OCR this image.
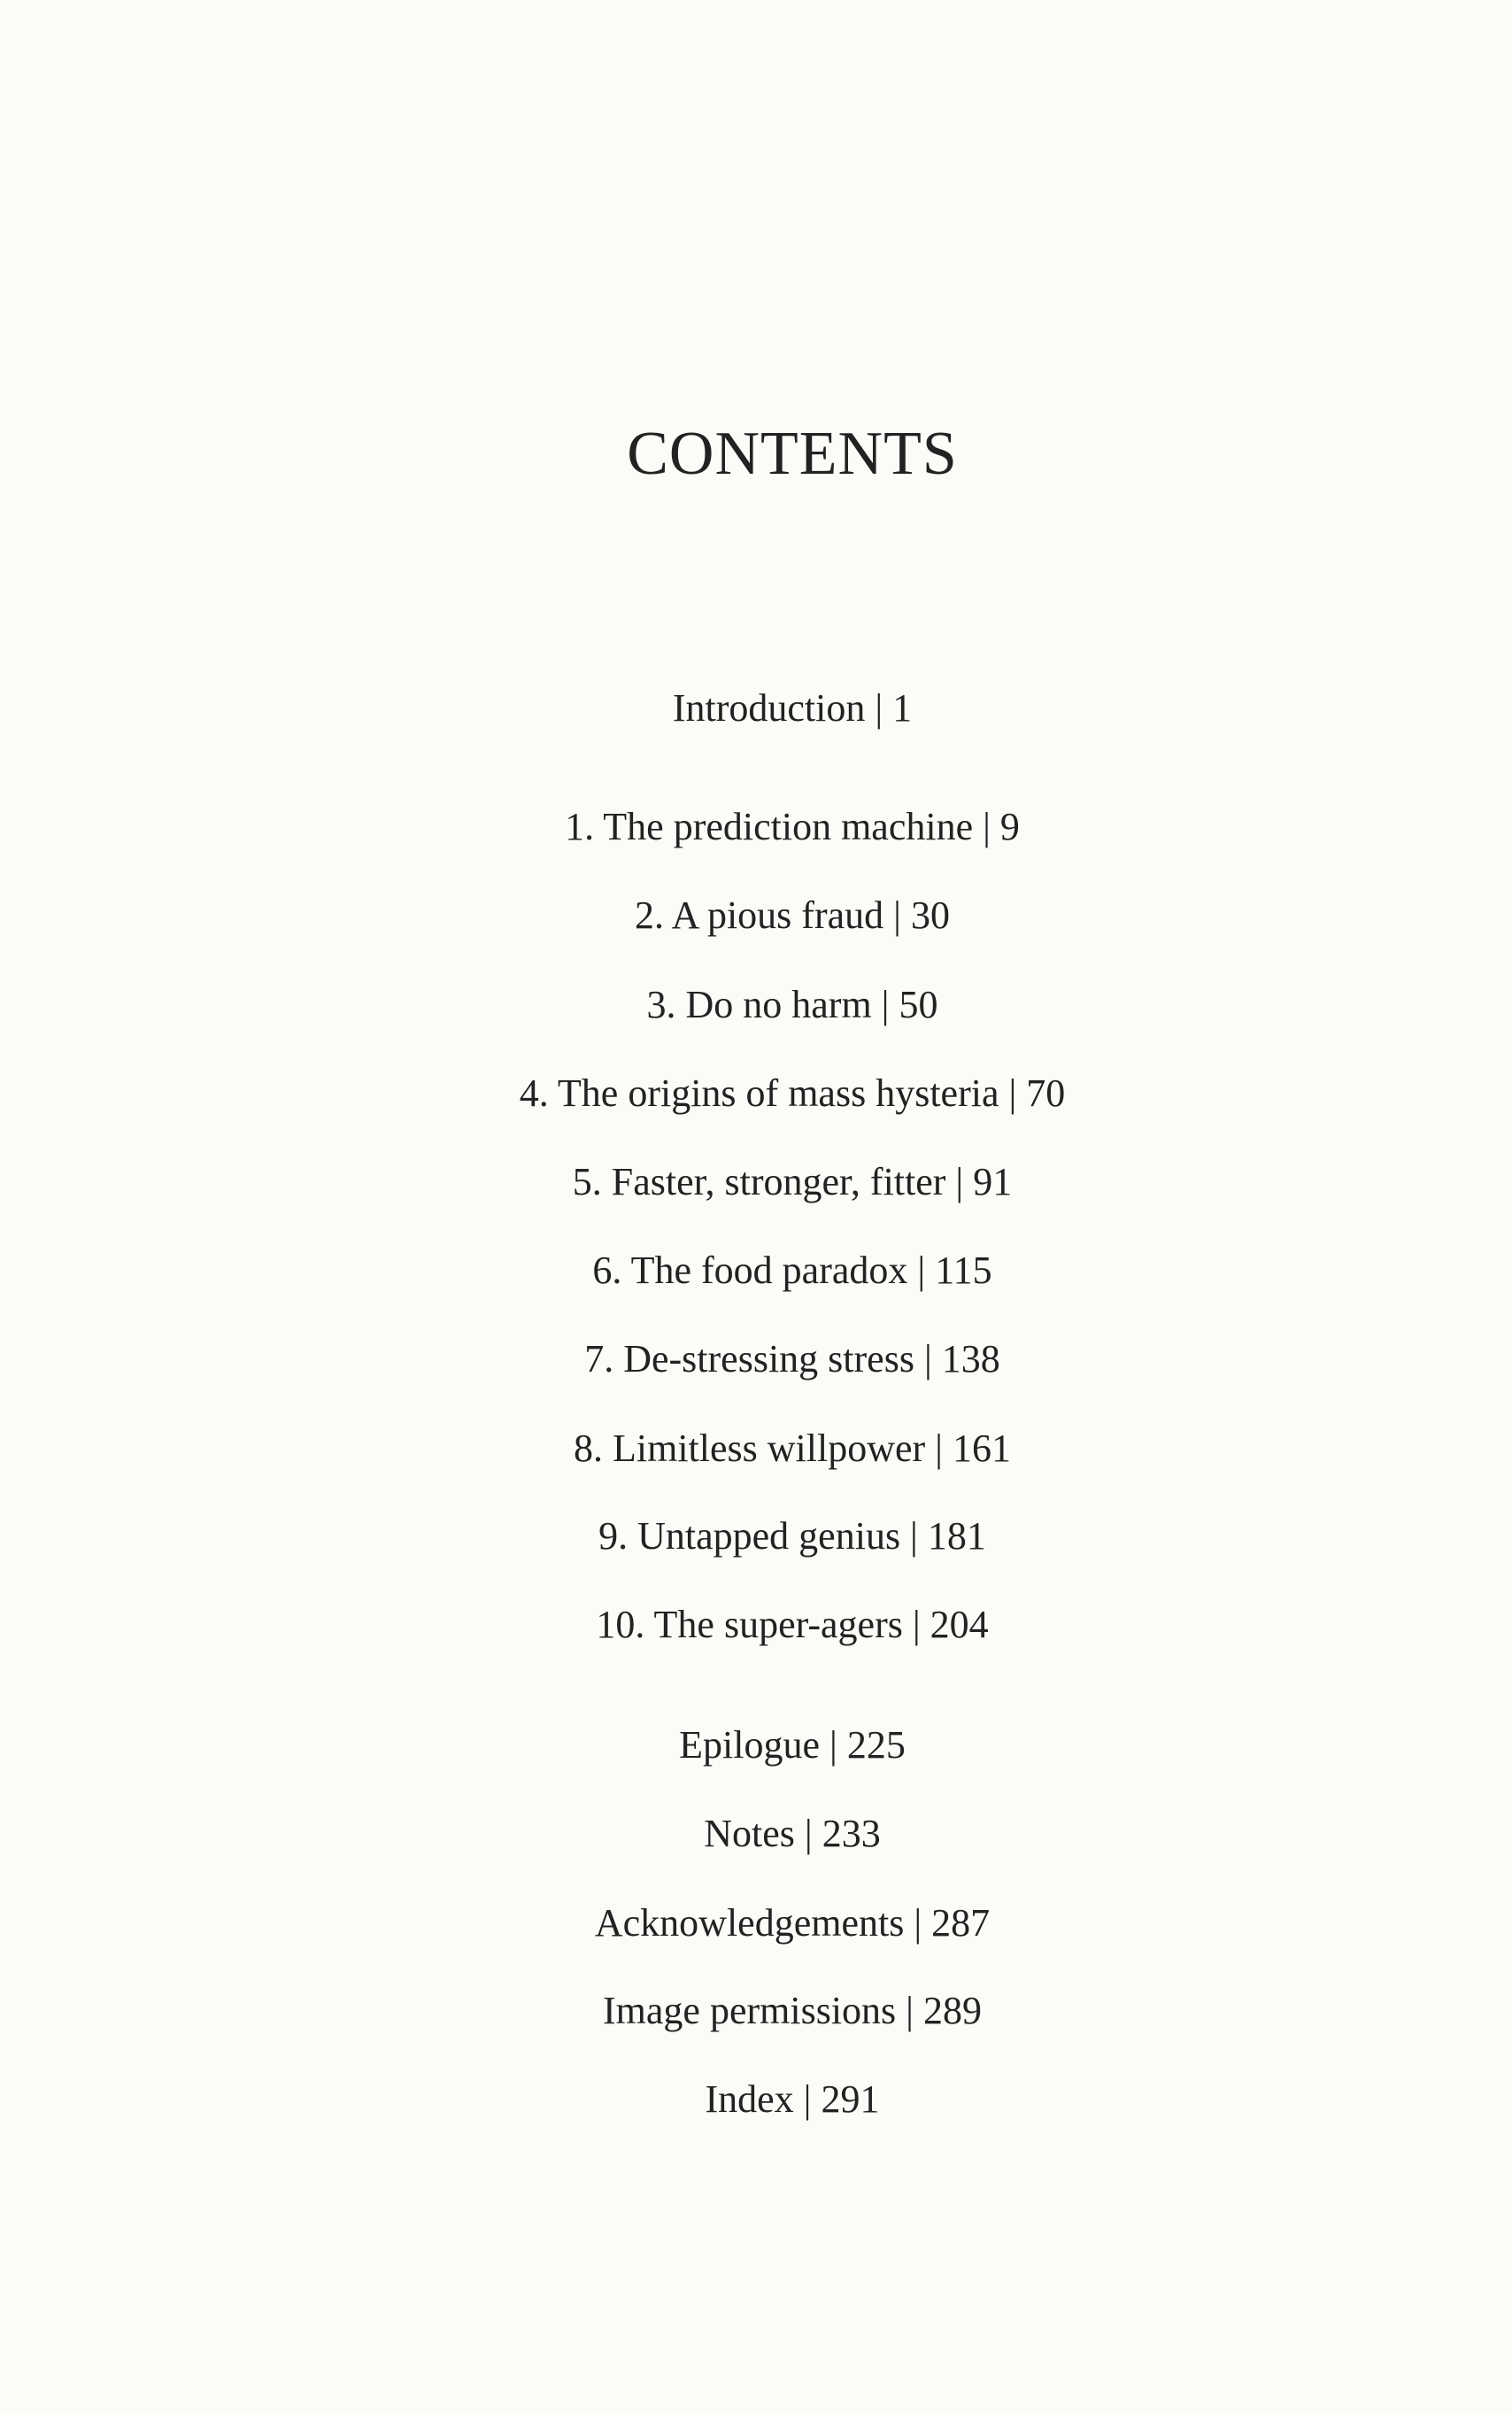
CONTENTS
Introduction | 1
1. The prediction machine | 9
2. A pious fraud | 30
3. Do no harm | 50
4. The origins of mass hysteria | 70
5. Faster, stronger, fitter | 91
6. The food paradox | 115
7. De-stressing stress | 138
8. Limitless willpower | 161
9. Untapped genius | 181
10. The super-agers | 204
Epilogue | 225
Notes | 233
Acknowledgements | 287
Image permissions | 289
Index | 291
